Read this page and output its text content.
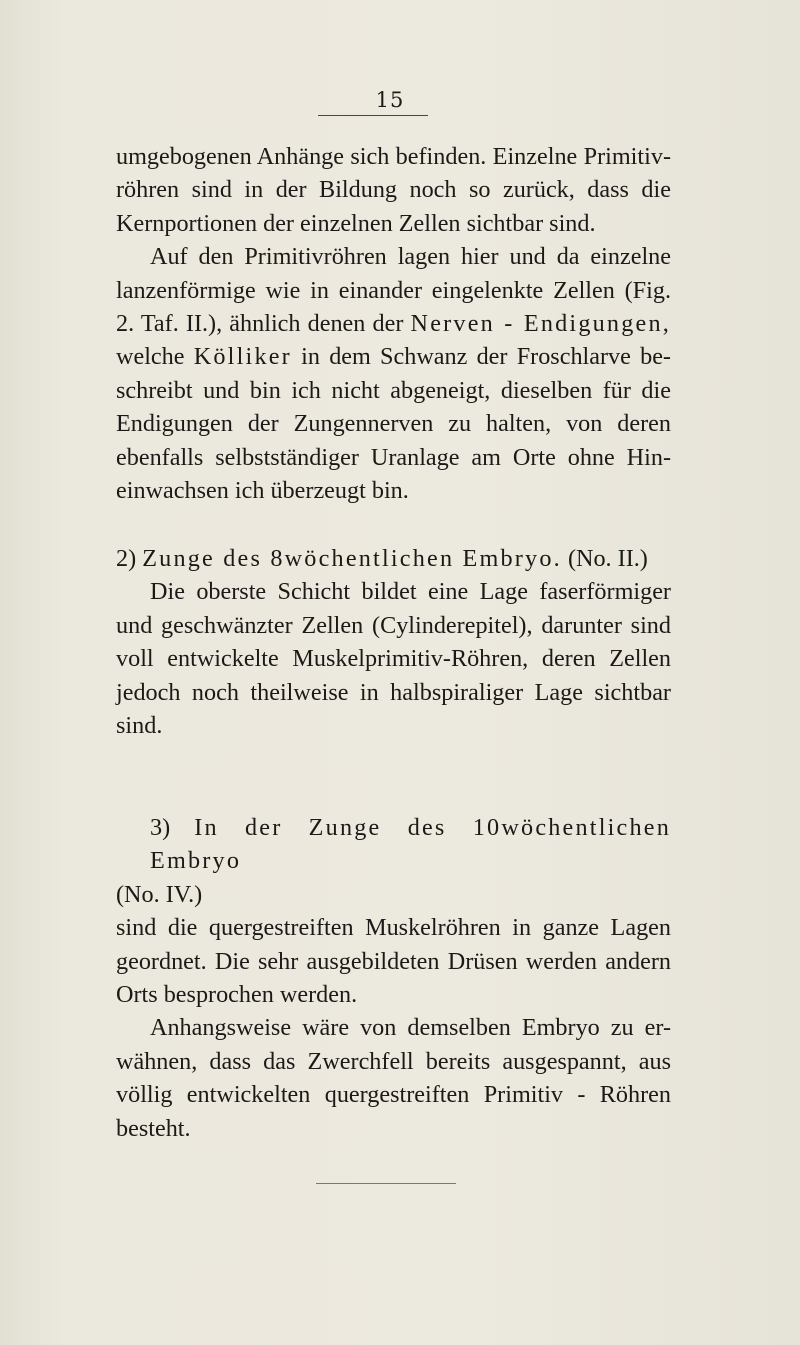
15

umgebogenen Anhänge sich befinden. Einzelne Primitiv-röhren sind in der Bildung noch so zurück, dass die Kernportionen der einzelnen Zellen sichtbar sind.

Auf den Primitivröhren lagen hier und da einzelne lanzenförmige wie in einander eingelenkte Zellen (Fig. 2. Taf. II.), ähnlich denen der Nerven - Endigungen, welche Kölliker in dem Schwanz der Froschlarve be-schreibt und bin ich nicht abgeneigt, dieselben für die Endigungen der Zungennerven zu halten, von deren ebenfalls selbstständiger Uranlage am Orte ohne Hin-einwachsen ich überzeugt bin.

2) Zunge des 8wöchentlichen Embryo. (No. II.)

Die oberste Schicht bildet eine Lage faserförmiger und geschwänzter Zellen (Cylinderepitel), darunter sind voll entwickelte Muskelprimitiv-Röhren, deren Zellen jedoch noch theilweise in halbspiraliger Lage sichtbar sind.

3) In der Zunge des 10wöchentlichen Embryo

(No. IV.)

sind die quergestreiften Muskelröhren in ganze Lagen geordnet. Die sehr ausgebildeten Drüsen werden andern Orts besprochen werden.

Anhangsweise wäre von demselben Embryo zu er-wähnen, dass das Zwerchfell bereits ausgespannt, aus völlig entwickelten quergestreiften Primitiv - Röhren besteht.
